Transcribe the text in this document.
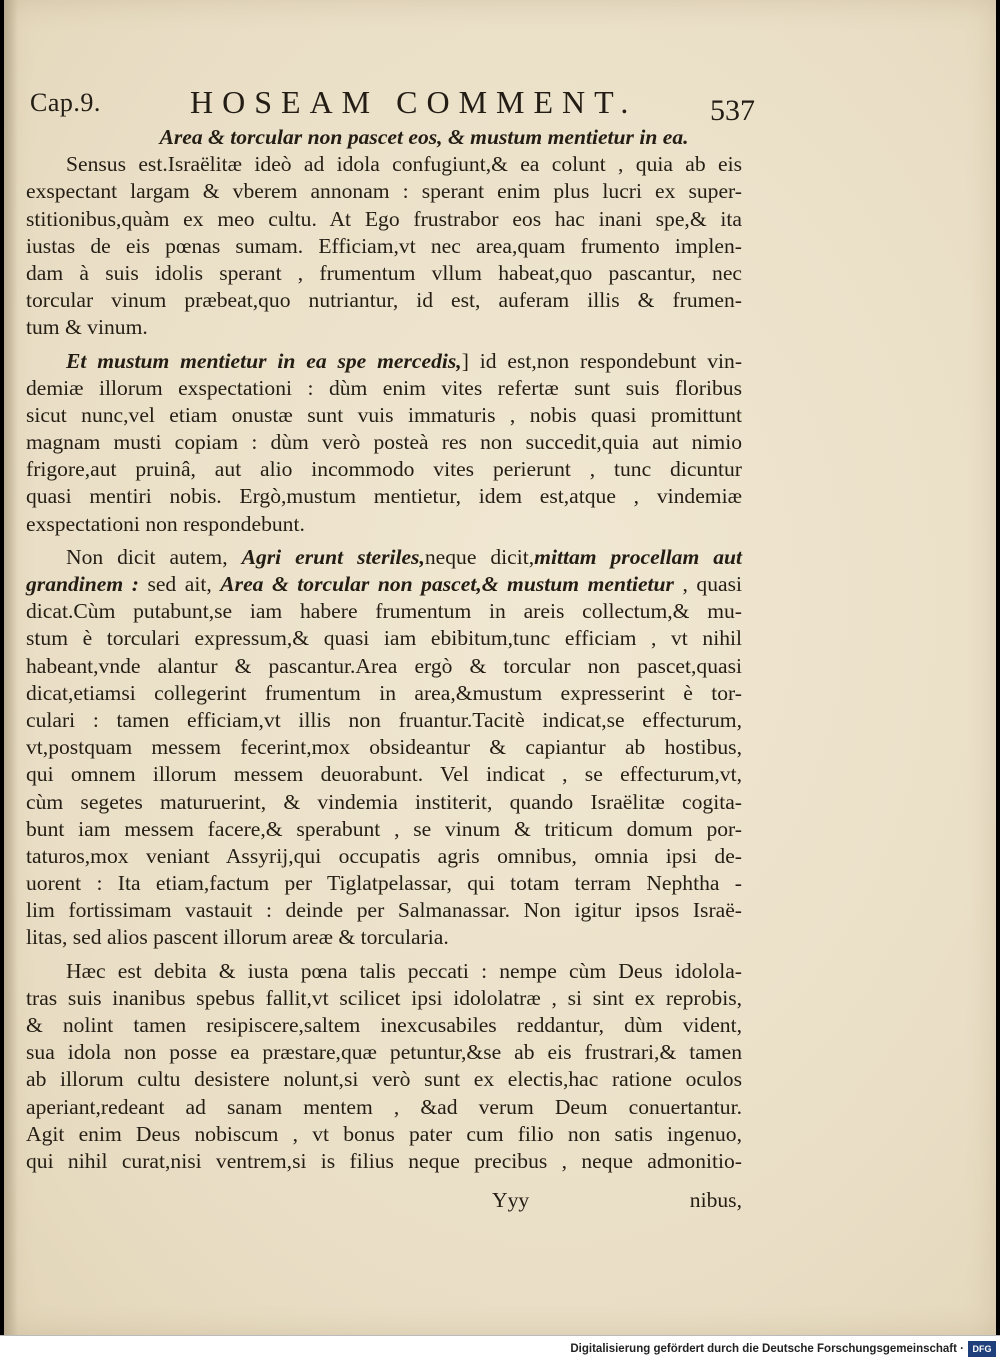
Cap.9.	HOSEAM COMMENT. 537
Area & torcular non pascet eos, & mustum mentietur in ea.
Sensus est.Israëlitæ ideò ad idola confugiunt,& ea colunt , quia ab eis
exspectant largam & vberem annonam : sperant enim plus lucri ex super-
stitionibus,quàm ex meo cultu. At Ego frustrabor eos hac inani spe,& ita
iustas de eis pœnas sumam. Efficiam,vt nec area,quam frumento implen-
dam à suis idolis sperant , frumentum vllum habeat,quo pascantur, nec
torcular vinum præbeat,quo nutriantur, id est, auferam illis & frumen-
tum & vinum.
Et mustum mentietur in ea spe mercedis,] id est,non respondebunt vin-
demiæ illorum exspectationi : dùm enim vites refertæ sunt suis floribus
sicut nunc,vel etiam onustæ sunt vuis immaturis , nobis quasi promittunt
magnam musti copiam : dùm verò posteà res non succedit,quia aut nimio
frigore,aut pruinâ, aut alio incommodo vites perierunt , tunc dicuntur
quasi mentiri nobis. Ergò,mustum mentietur, idem est,atque , vindemiæ
exspectationi non respondebunt.
Non dicit autem, Agri erunt steriles,neque dicit,mittam procellam aut
grandinem : sed ait, Area & torcular non pascet,& mustum mentietur , quasi
dicat.Cùm putabunt,se iam habere frumentum in areis collectum,& mu-
stum è torculari expressum,& quasi iam ebibitum,tunc efficiam , vt nihil
habeant,vnde alantur & pascantur.Area ergò & torcular non pascet,quasi
dicat,etiamsi collegerint frumentum in area,&mustum expresserint è tor-
culari : tamen efficiam,vt illis non fruantur.Tacitè indicat,se effecturum,
vt,postquam messem fecerint,mox obsideantur & capiantur ab hostibus,
qui omnem illorum messem deuorabunt. Vel indicat , se effecturum,vt,
cùm segetes maturuerint, & vindemia institerit, quando Israëlitæ cogita-
bunt iam messem facere,& sperabunt , se vinum & triticum domum por-
taturos,mox veniant Assyrij,qui occupatis agris omnibus, omnia ipsi de-
uorent : Ita etiam,factum per Tiglatpelassar, qui totam terram Nephtha -
lim fortissimam vastauit : deinde per Salmanassar. Non igitur ipsos Israë-
litas, sed alios pascent illorum areæ & torcularia.
Hæc est debita & iusta pœna talis peccati : nempe cùm Deus idolola-
tras suis inanibus spebus fallit,vt scilicet ipsi idololatræ , si sint ex reprobis,
& nolint tamen resipiscere,saltem inexcusabiles reddantur, dùm vident,
sua idola non posse ea præstare,quæ petuntur,&se ab eis frustrari,& tamen
ab illorum cultu desistere nolunt,si verò sunt ex electis,hac ratione oculos
aperiant,redeant ad sanam mentem , &ad verum Deum conuertantur.
Agit enim Deus nobiscum , vt bonus pater cum filio non satis ingenuo,
qui nihil curat,nisi ventrem,si is filius neque precibus , neque admonitio-
Yyy	nibus,
Digitalisierung gefördert durch die Deutsche Forschungsgemeinschaft · DFG
